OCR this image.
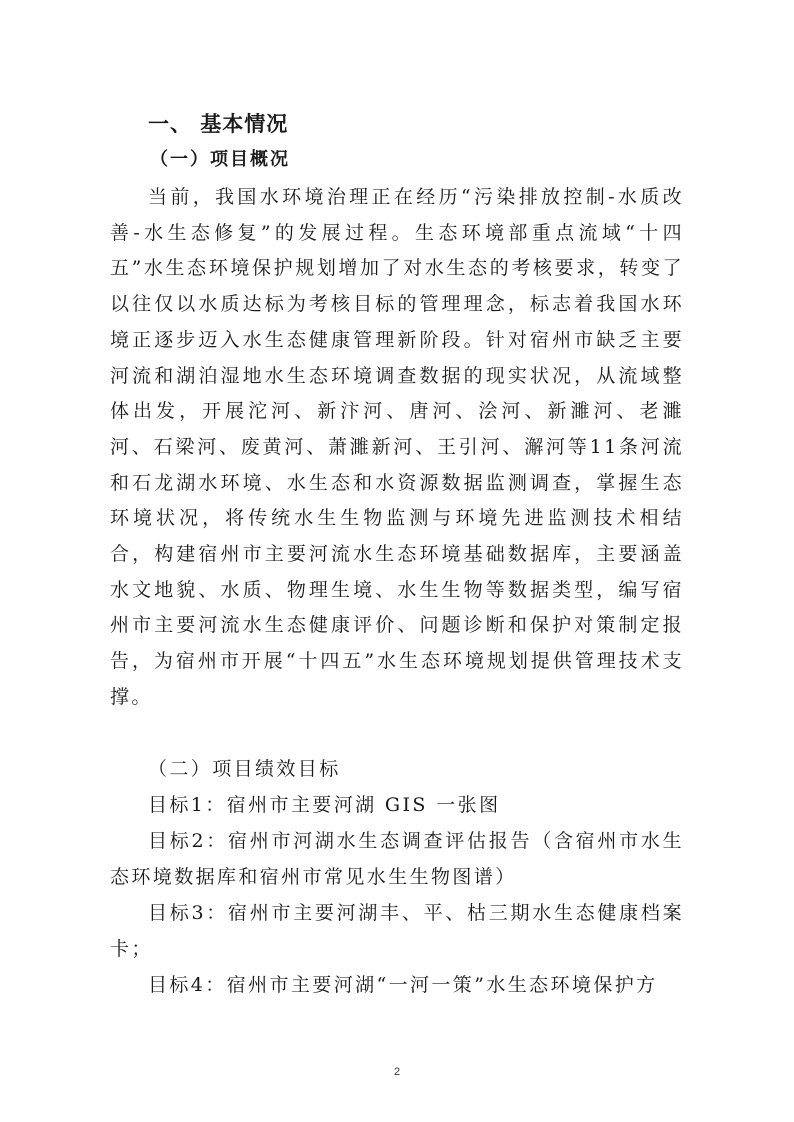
一、 基本情况
（一）项目概况

当前，我国水环境治理正在经历“污染排放控制-水质改善-水生态修复”的发展过程。生态环境部重点流域“十四五”水生态环境保护规划增加了对水生态的考核要求，转变了以往仅以水质达标为考核目标的管理理念，标志着我国水环境正逐步迈入水生态健康管理新阶段。针对宿州市缺乏主要河流和湖泊湿地水生态环境调查数据的现实状况，从流域整体出发，开展沱河、新汴河、唐河、浍河、新濉河、老濉河、石梁河、废黄河、萧濉新河、王引河、澥河等11条河流和石龙湖水环境、水生态和水资源数据监测调查，掌握生态环境状况，将传统水生生物监测与环境先进监测技术相结合，构建宿州市主要河流水生态环境基础数据库，主要涵盖水文地貌、水质、物理生境、水生生物等数据类型，编写宿州市主要河流水生态健康评价、问题诊断和保护对策制定报告，为宿州市开展“十四五”水生态环境规划提供管理技术支撑。

（二）项目绩效目标
目标1：宿州市主要河湖 GIS 一张图

目标2：宿州市河湖水生态调查评估报告（含宿州市水生态环境数据库和宿州市常见水生生物图谱）

目标3：宿州市主要河湖丰、平、枯三期水生态健康档案卡；

目标4：宿州市主要河湖“一河一策”水生态环境保护方

2
